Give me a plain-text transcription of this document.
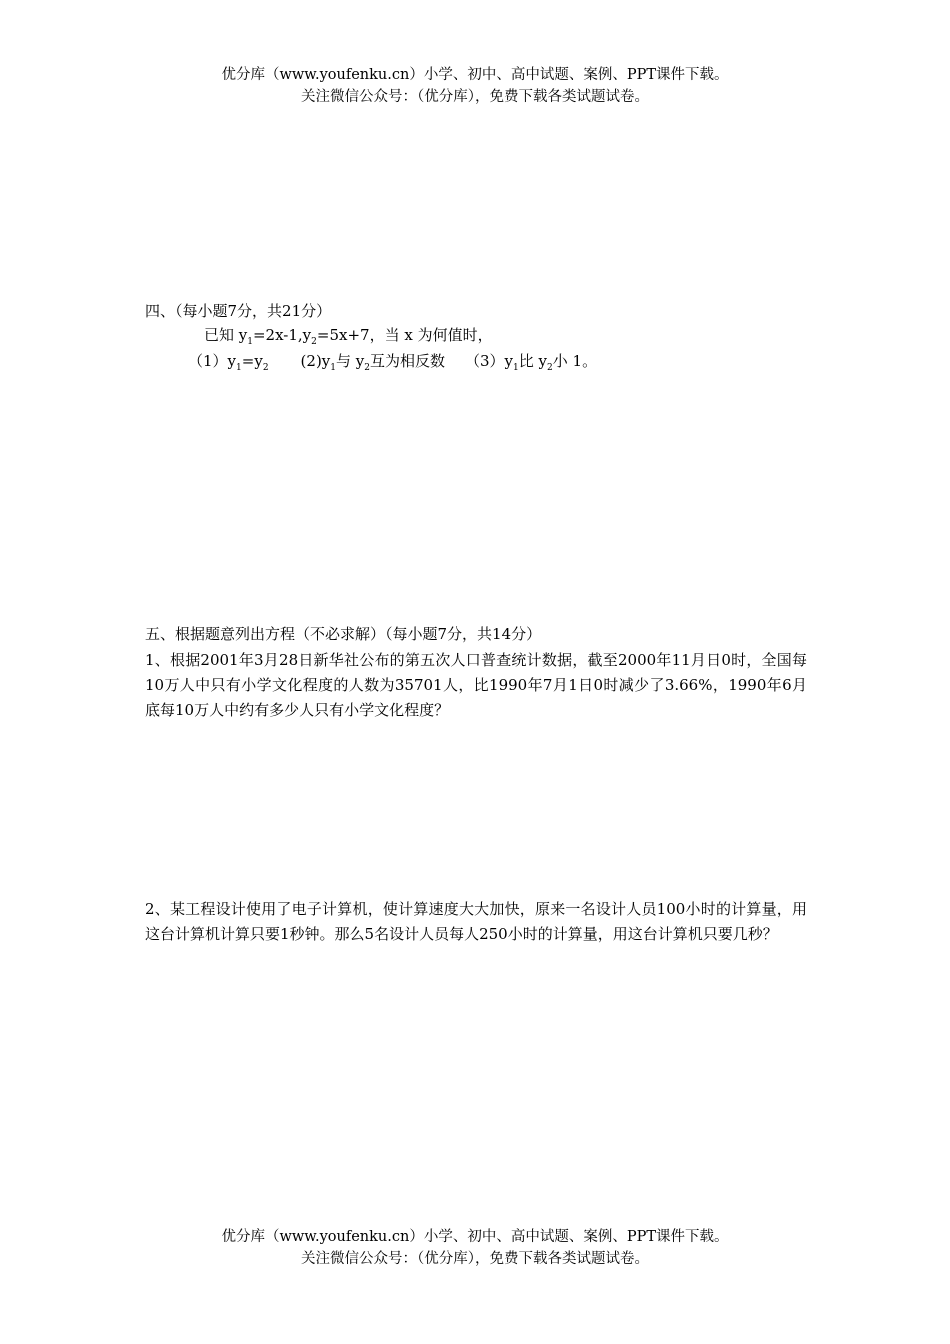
优分库（www.youfenku.cn）小学、初中、高中试题、案例、PPT课件下载。
关注微信公众号：（优分库），免费下载各类试题试卷。
四、（每小题7分，共21分）
已知 $y_1=2x-1,y_2=5x+7$，当 x 为何值时，
$(1)y_1=y_2$ $(2)y_1$与 $y_2$互为相反数 $(3)y_1$比 $y_2$小 1。
五、根据题意列出方程（不必求解）（每小题7分，共14分）
1、根据2001年3月28日新华社公布的第五次人口普查统计数据，截至2000年11月日0时，全国每10万人中只有小学文化程度的人数为35701人，比1990年7月1日0时减少了3.66%，1990年6月底每10万人中约有多少人只有小学文化程度？
2、某工程设计使用了电子计算机，使计算速度大大加快，原来一名设计人员100小时的计算量，用这台计算机计算只要1秒钟。那么5名设计人员每人250小时的计算量，用这台计算机只要几秒？
优分库（www.youfenku.cn）小学、初中、高中试题、案例、PPT课件下载。
关注微信公众号：（优分库），免费下载各类试题试卷。
